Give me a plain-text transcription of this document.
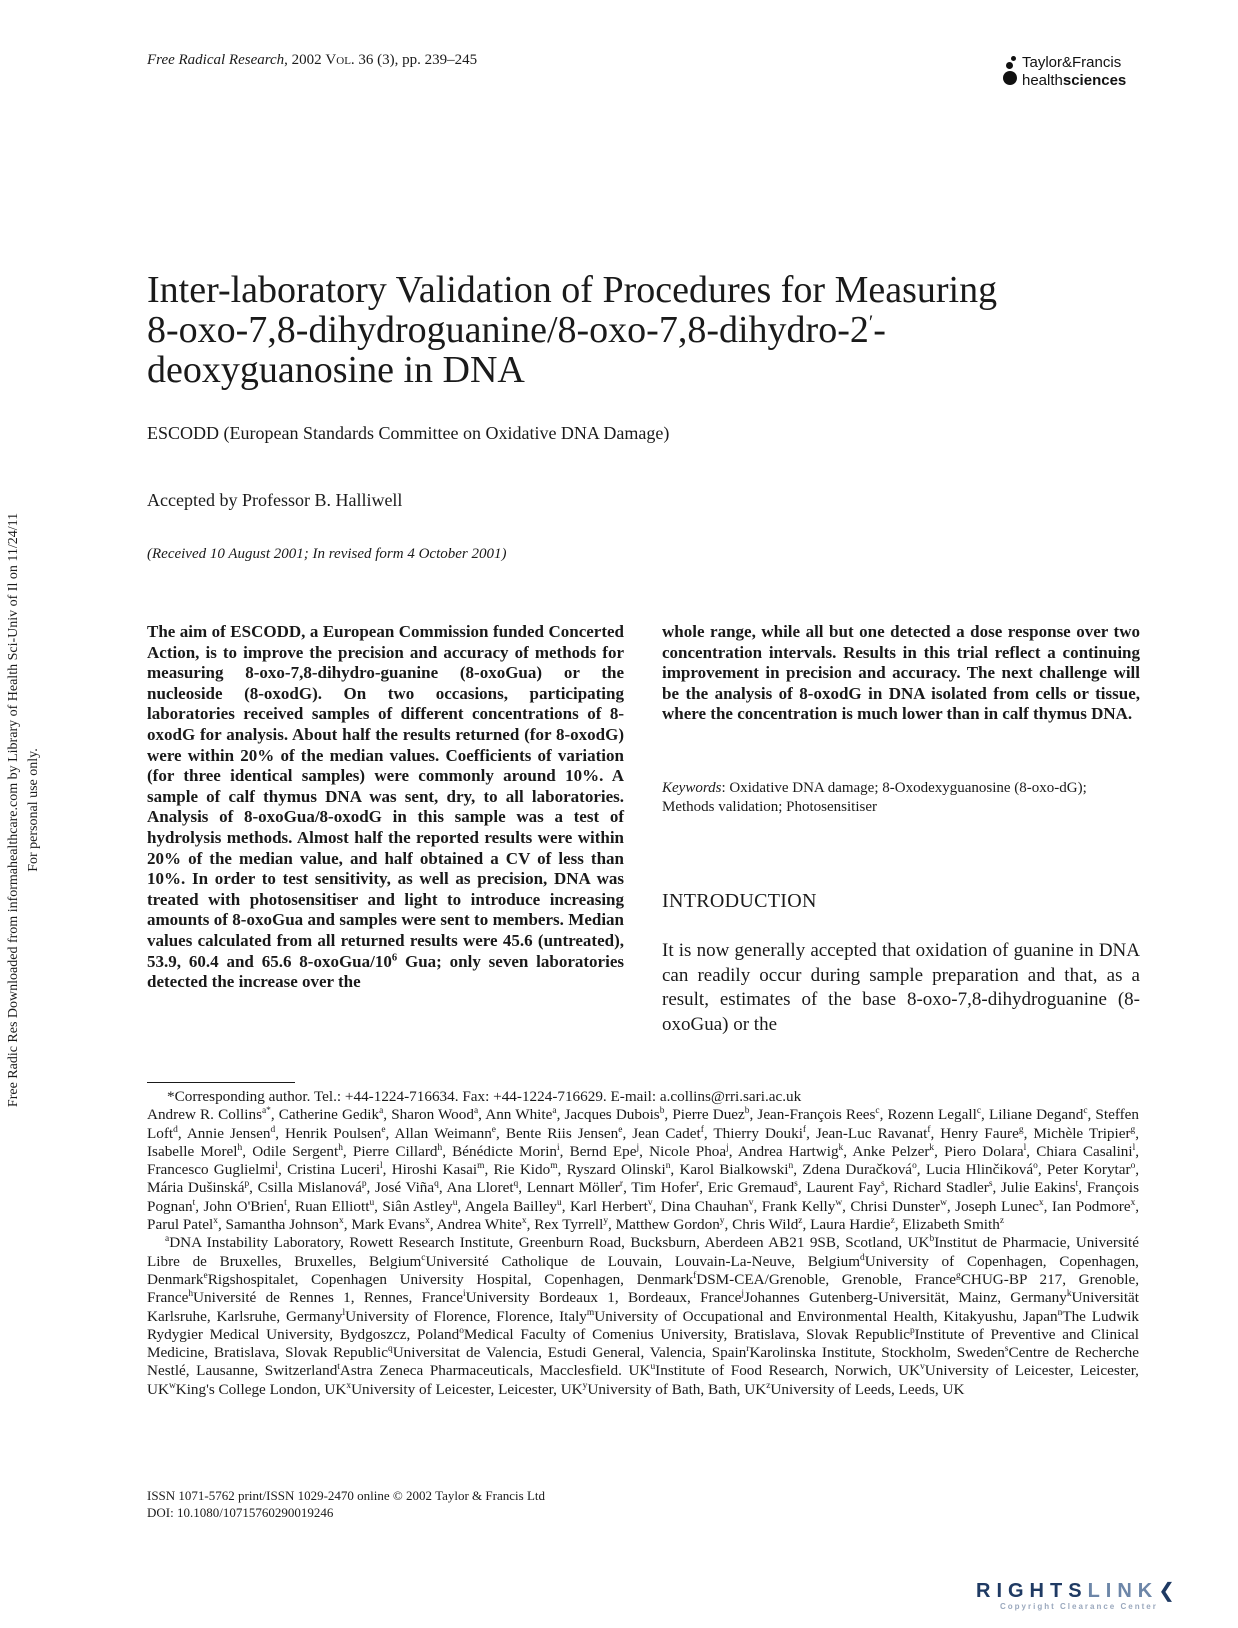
Free Radical Research, 2002 Vol. 36 (3), pp. 239–245	Taylor&Francis
healthsciences
Free Radic Res Downloaded from informahealthcare.com by Library of Health Sci-Univ of Il on 11/24/11 For personal use only.
Inter-laboratory Validation of Procedures for Measuring
8-oxo-7,8-dihydroguanine/8-oxo-7,8-dihydro-2′-
deoxyguanosine in DNA
ESCODD (European Standards Committee on Oxidative DNA Damage)
Accepted by Professor B. Halliwell
(Received 10 August 2001; In revised form 4 October 2001)
The aim of ESCODD, a European Commission funded Concerted Action, is to improve the precision and accuracy of methods for measuring 8-oxo-7,8-dihydro-guanine (8-oxoGua) or the nucleoside (8-oxodG). On two occasions, participating laboratories received samples of different concentrations of 8-oxodG for analysis. About half the results returned (for 8-oxodG) were within 20% of the median values. Coefficients of variation (for three identical samples) were commonly around 10%. A sample of calf thymus DNA was sent, dry, to all laboratories. Analysis of 8-oxoGua/8-oxodG in this sample was a test of hydrolysis methods. Almost half the reported results were within 20% of the median value, and half obtained a CV of less than 10%. In order to test sensitivity, as well as precision, DNA was treated with photosensitiser and light to introduce increasing amounts of 8-oxoGua and samples were sent to members. Median values calculated from all returned results were 45.6 (untreated), 53.9, 60.4 and 65.6 $8-oxoGua/10^6$ Gua; only seven laboratories detected the increase over the
whole range, while all but one detected a dose response over two concentration intervals. Results in this trial reflect a continuing improvement in precision and accuracy. The next challenge will be the analysis of 8-oxodG in DNA isolated from cells or tissue, where the concentration is much lower than in calf thymus DNA.
Keywords: Oxidative DNA damage; 8-Oxodexyguanosine (8-oxo-dG); Methods validation; Photosensitiser
INTRODUCTION
It is now generally accepted that oxidation of guanine in DNA can readily occur during sample preparation and that, as a result, estimates of the base 8-oxo-7,8-dihydroguanine (8-oxoGua) or the

*Corresponding author. Tel.: +44-1224-716634. Fax: +44-1224-716629. E-mail: a.collins@rri.sari.ac.uk

Andrew R. Collins$^{a*}$, Catherine Gedik$^a$, Sharon Wood$^a$, Ann White$^a$, Jacques Dubois$^b$, Pierre Duez$^b$, Jean-François Rees$^c$, Rozenn Legall$^c$, Liliane Degand$^c$, Steffen Loft$^d$, Annie Jensen$^d$, Henrik Poulsen$^e$, Allan Weimann$^e$, Bente Riis Jensen$^e$, Jean Cadet$^f$, Thierry Douki$^f$, Jean-Luc Ravanat$^f$, Henry Faure$^g$, Michèle Tripier$^g$, Isabelle Morel$^h$, Odile Sergent$^h$, Pierre Cillard$^h$, Bénédicte Morin$^i$, Bernd Epe$^j$, Nicole Phoa$^j$, Andrea Hartwig$^k$, Anke Pelzer$^k$, Piero Dolara$^l$, Chiara Casalini$^l$, Francesco Guglielmi$^l$, Cristina Luceri$^l$, Hiroshi Kasai$^m$, Rie Kido$^m$, Ryszard Olinski$^n$, Karol Bialkowski$^n$, Zdena Duračková$^o$, Lucia Hlinčiková$^o$, Peter Korytar$^o$, Mária Dušinská$^p$, Csilla Mislanová$^p$, José Viña$^q$, Ana Lloret$^q$, Lennart Möller$^r$, Tim Hofer$^r$, Eric Gremaud$^s$, Laurent Fay$^s$, Richard Stadler$^s$, Julie Eakins$^t$, François Pognan$^t$, John O'Brien$^t$, Ruan Elliott$^u$, Siân Astley$^u$, Angela Bailley$^u$, Karl Herbert$^v$, Dina Chauhan$^v$, Frank Kelly$^w$, Chrisi Dunster$^w$, Joseph Lunec$^x$, Ian Podmore$^x$, Parul Patel$^x$, Samantha Johnson$^x$, Mark Evans$^x$, Andrea White$^x$, Rex Tyrrell$^y$, Matthew Gordon$^y$, Chris Wild$^z$, Laura Hardie$^z$, Elizabeth Smith$^z$

$^a$DNA Instability Laboratory, Rowett Research Institute, Greenburn Road, Bucksburn, Aberdeen AB21 9SB, Scotland, $UK^bInstitut$ de Pharmacie, Université Libre de Bruxelles, Bruxelles, Belgium$^c$Université Catholique de Louvain, Louvain-La-Neuve, Belgium$^d$University of Copenhagen, Copenhagen, Denmark$^e$Rigshospitalet, Copenhagen University Hospital, Copenhagen, Denmark$^f$DSM-CEA/Grenoble, Grenoble, France$^g$CHUG-BP 217, Grenoble, France$^h$Université de Rennes 1, Rennes, France$^i$University Bordeaux 1, Bordeaux, France$^j$Johannes Gutenberg-Universität, Mainz, Germany$^k$Universität Karlsruhe, Karlsruhe, Germany$^l$University of Florence, Florence, Italy$^m$University of Occupational and Environmental Health, Kitakyushu, Japan$^n$The Ludwik Rydygier Medical University, Bydgoszcz, Poland$^o$Medical Faculty of Comenius University, Bratislava, Slovak Republic$^p$Institute of Preventive and Clinical Medicine, Bratislava, Slovak Republic$^q$Universitat de Valencia, Estudi General, Valencia, Spain$^r$Karolinska Institute, Stockholm, Sweden$^s$Centre de Recherche Nestlé, Lausanne, Switzerland$^t$Astra Zeneca Pharmaceuticals, Macclesfield. $UK^uInstitute$ of Food Research, Norwich, $UK^vUniversity$ of Leicester, Leicester, $UK^wKing's$ College London, $UK^xUniversity$ of Leicester, Leicester, $UK^yUniversity$ of Bath, Bath, $UK^zUniversity$ of Leeds, Leeds, UK

ISSN 1071-5762 print/ISSN 1029-2470 online © 2002 Taylor & Francis Ltd
DOI: 10.1080/10715760290019246
RIGHTSLINK❮
Copyright Clearance Center
